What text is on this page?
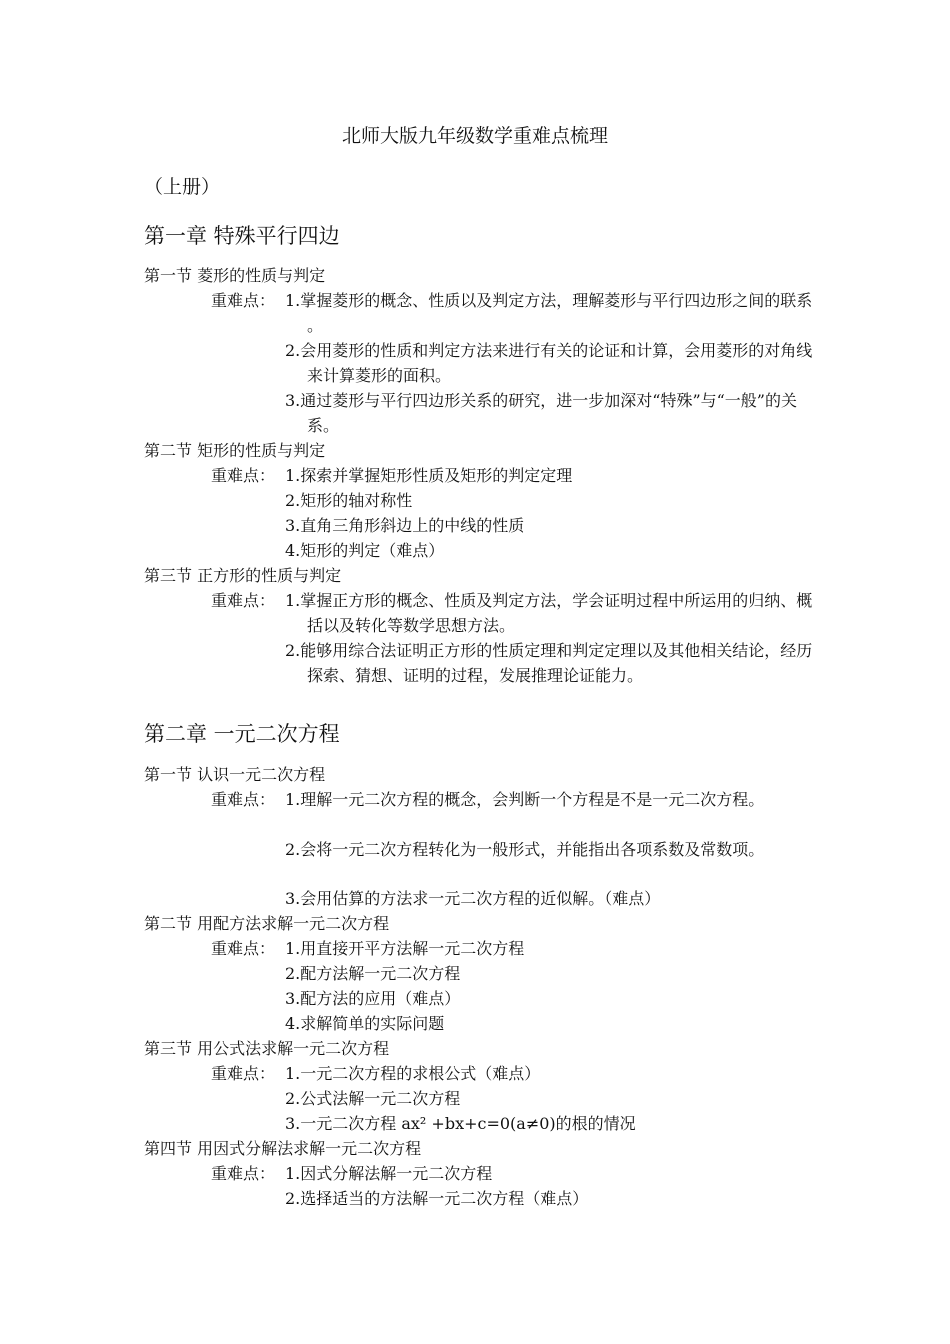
北师大版九年级数学重难点梳理
（上册）
第一章 特殊平行四边
第一节 菱形的性质与判定
重难点： 1.掌握菱形的概念、性质以及判定方法，理解菱形与平行四边形之间的联系 。
2.会用菱形的性质和判定方法来进行有关的论证和计算，会用菱形的对角线来计算菱形的面积。
3.通过菱形与平行四边形关系的研究，进一步加深对“特殊”与“一般”的关系。
第二节 矩形的性质与判定
重难点： 1.探索并掌握矩形性质及矩形的判定定理
2.矩形的轴对称性
3.直角三角形斜边上的中线的性质
4.矩形的判定（难点）
第三节 正方形的性质与判定
重难点： 1.掌握正方形的概念、性质及判定方法，学会证明过程中所运用的归纳、概括以及转化等数学思想方法。
2.能够用综合法证明正方形的性质定理和判定定理以及其他相关结论，经历探索、猜想、证明的过程，发展推理论证能力。
第二章 一元二次方程
第一节 认识一元二次方程
重难点： 1.理解一元二次方程的概念，会判断一个方程是不是一元二次方程。
2.会将一元二次方程转化为一般形式，并能指出各项系数及常数项。
3.会用估算的方法求一元二次方程的近似解。（难点）
第二节 用配方法求解一元二次方程
重难点： 1.用直接开平方法解一元二次方程
2.配方法解一元二次方程
3.配方法的应用（难点）
4.求解简单的实际问题
第三节 用公式法求解一元二次方程
重难点： 1.一元二次方程的求根公式（难点）
2.公式法解一元二次方程
3.一元二次方程 ax² +bx+c=0(a≠0)的根的情况
第四节 用因式分解法求解一元二次方程
重难点： 1.因式分解法解一元二次方程
2.选择适当的方法解一元二次方程（难点）
